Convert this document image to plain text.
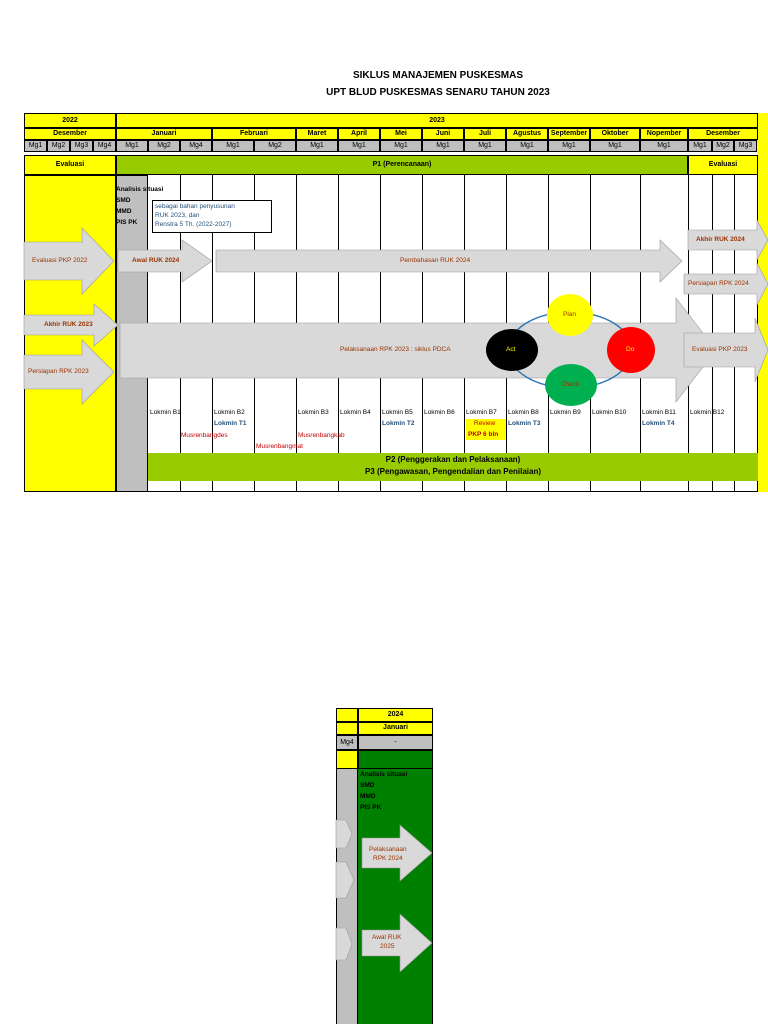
SIKLUS MANAJEMEN PUSKESMAS
UPT BLUD PUSKESMAS SENARU TAHUN 2023
2022	2023
Desember	Januari	Februari	Maret	April	Mei	Juni	Juli	Agustus	September	Oktober	Nopember	Desember
Mg1	Mg2	Mg3	Mg4	Mg1	Mg2	Mg4	Mg1	Mg2	Mg1	Mg1	Mg1	Mg1	Mg1	Mg1	Mg1	Mg1	Mg1	Mg1	Mg2	Mg3
Evaluasi	P1 (Perencanaan)	Evaluasi
Analisis situasi
SMD
MMD
PIS PK
sebagai bahan penyusunan
RUK 2023, dan
Renstra 5 Th. (2022-2027)
Evaluasi PKP 2022
Akhir RUK 2023
Persiapan RPK 2023
Awal RUK 2024	Pembahasan RUK 2024
Pelaksanaan RPK 2023 : siklus PDCA
Akhir RUK 2024
Persiapan RPK 2024
Evaluasi PKP 2023
Plan
Do
Check
Act
Lokmin B1	Lokmin B2
Lokmin T1
Musrenbangdes
Musrenbangmat
Lokmin B3
Musrenbangkab
Lokmin B4 Lokmin B5
Lokmin T2
Lokmin B6 Lokmin B7
Review
PKP 6 bln
Lokmin B8
Lokmin T3
Lokmin B9 Lokmin B10 Lokmin B11
Lokmin T4
Lokmin B12
P2 (Penggerakan dan Pelaksanaan)
P3 (Pengawasan, Pengendalian dan Penilaian)
2024
Januari
Mg4	-
Analisis situasi
SMD
MMD
PIS PK
Pelaksanaan
RPK 2024
Awal RUK
2025
